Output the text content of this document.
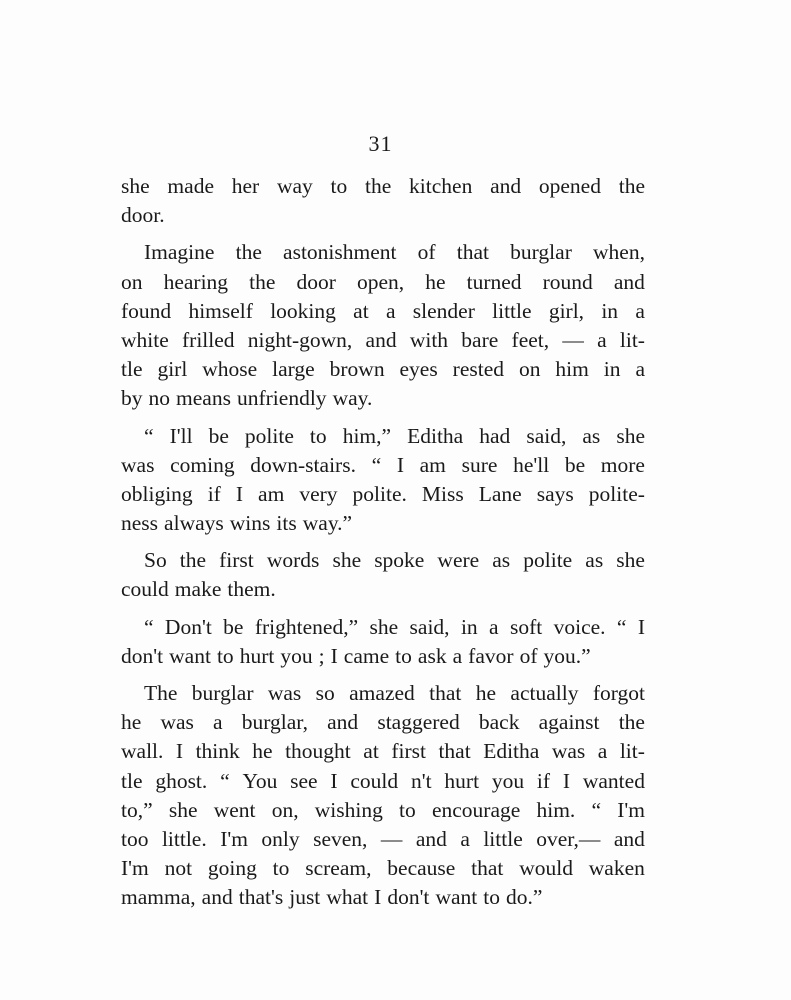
31
she made her way to the kitchen and opened the
door.
Imagine the astonishment of that burglar when,
on hearing the door open, he turned round and
found himself looking at a slender little girl, in a
white frilled night-gown, and with bare feet, — a lit-
tle girl whose large brown eyes rested on him in a
by no means unfriendly way.
“ I'll be polite to him,” Editha had said, as she
was coming down-stairs. “ I am sure he'll be more
obliging if I am very polite. Miss Lane says polite-
ness always wins its way.”
So the first words she spoke were as polite as she
could make them.
“ Don't be frightened,” she said, in a soft voice. “ I
don't want to hurt you ; I came to ask a favor of you.”
The burglar was so amazed that he actually forgot
he was a burglar, and staggered back against the
wall. I think he thought at first that Editha was a lit-
tle ghost. “ You see I could n't hurt you if I wanted
to,” she went on, wishing to encourage him. “ I'm
too little. I'm only seven, — and a little over,— and
I'm not going to scream, because that would waken
mamma, and that's just what I don't want to do.”
